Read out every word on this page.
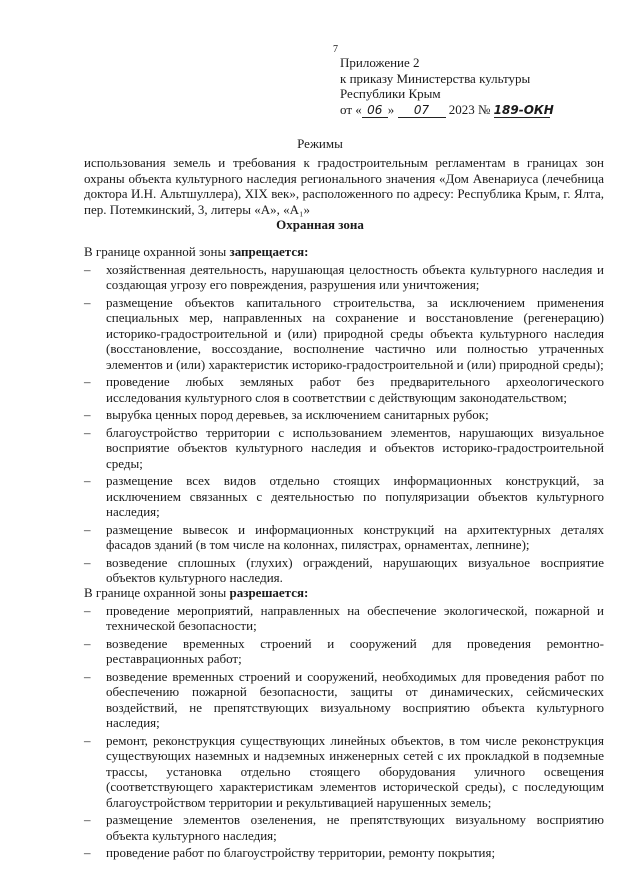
7
Приложение 2
к приказу Министерства культуры
Республики Крым
от « 06 » 07 2023 № 189-ОКН
Режимы
использования земель и требования к градостроительным регламентам в границах зон охраны объекта культурного наследия регионального значения «Дом Авенариуса (лечебница доктора И.Н. Альтшуллера), XIX век», расположенного по адресу: Республика Крым, г. Ялта, пер. Потемкинский, 3, литеры «А», «А₁»
Охранная зона

В границе охранной зоны запрещается:

– хозяйственная деятельность, нарушающая целостность объекта культурного наследия и создающая угрозу его повреждения, разрушения или уничтожения;
– размещение объектов капитального строительства, за исключением применения специальных мер, направленных на сохранение и восстановление (регенерацию) историко-градостроительной и (или) природной среды объекта культурного наследия (восстановление, воссоздание, восполнение частично или полностью утраченных элементов и (или) характеристик историко-градостроительной и (или) природной среды);
– проведение любых земляных работ без предварительного археологического исследования культурного слоя в соответствии с действующим законодательством;
– вырубка ценных пород деревьев, за исключением санитарных рубок;
– благоустройство территории с использованием элементов, нарушающих визуальное восприятие объектов культурного наследия и объектов историко-градостроительной среды;
– размещение всех видов отдельно стоящих информационных конструкций, за исключением связанных с деятельностью по популяризации объектов культурного наследия;
– размещение вывесок и информационных конструкций на архитектурных деталях фасадов зданий (в том числе на колоннах, пилястрах, орнаментах, лепнине);
– возведение сплошных (глухих) ограждений, нарушающих визуальное восприятие объектов культурного наследия.

В границе охранной зоны разрешается:

– проведение мероприятий, направленных на обеспечение экологической, пожарной и технической безопасности;
– возведение временных строений и сооружений для проведения ремонтно-реставрационных работ;
– возведение временных строений и сооружений, необходимых для проведения работ по обеспечению пожарной безопасности, защиты от динамических, сейсмических воздействий, не препятствующих визуальному восприятию объекта культурного наследия;
– ремонт, реконструкция существующих линейных объектов, в том числе реконструкция существующих наземных и надземных инженерных сетей с их прокладкой в подземные трассы, установка отдельно стоящего оборудования уличного освещения (соответствующего характеристикам элементов исторической среды), с последующим благоустройством территории и рекультивацией нарушенных земель;
– размещение элементов озеленения, не препятствующих визуальному восприятию объекта культурного наследия;
– проведение работ по благоустройству территории, ремонту покрытия;
